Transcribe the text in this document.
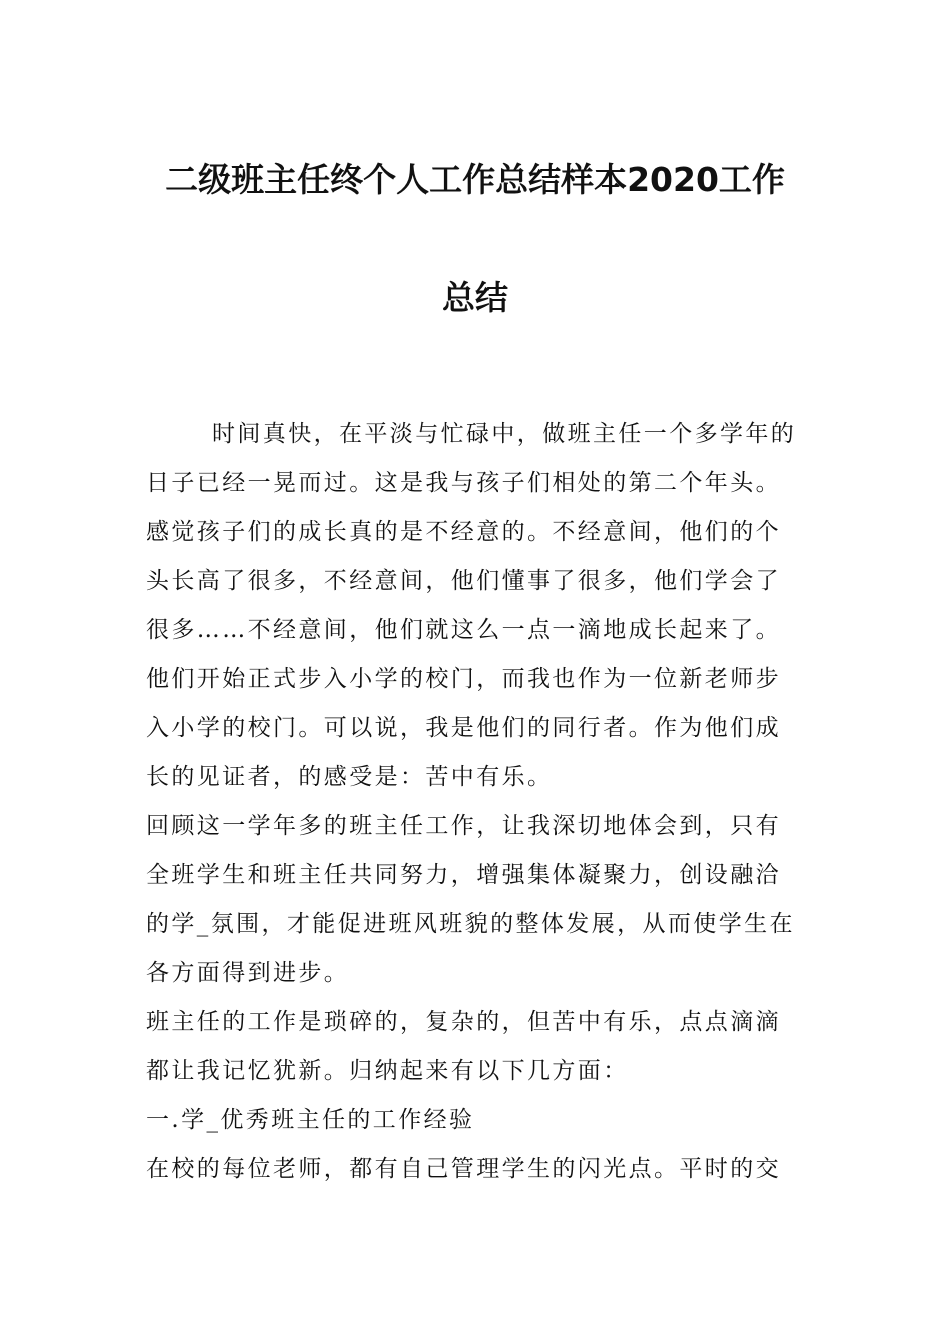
二级班主任终个人工作总结样本2020工作
总结
时间真快，在平淡与忙碌中，做班主任一个多学年的
日子已经一晃而过。这是我与孩子们相处的第二个年头。
感觉孩子们的成长真的是不经意的。不经意间，他们的个
头长高了很多，不经意间，他们懂事了很多，他们学会了
很多……不经意间，他们就这么一点一滴地成长起来了。
他们开始正式步入小学的校门，而我也作为一位新老师步
入小学的校门。可以说，我是他们的同行者。作为他们成
长的见证者，的感受是：苦中有乐。
回顾这一学年多的班主任工作，让我深切地体会到，只有
全班学生和班主任共同努力，增强集体凝聚力，创设融洽
的学_氛围，才能促进班风班貌的整体发展，从而使学生在
各方面得到进步。
班主任的工作是琐碎的，复杂的，但苦中有乐，点点滴滴
都让我记忆犹新。归纳起来有以下几方面：
一.学_优秀班主任的工作经验
在校的每位老师，都有自己管理学生的闪光点。平时的交
